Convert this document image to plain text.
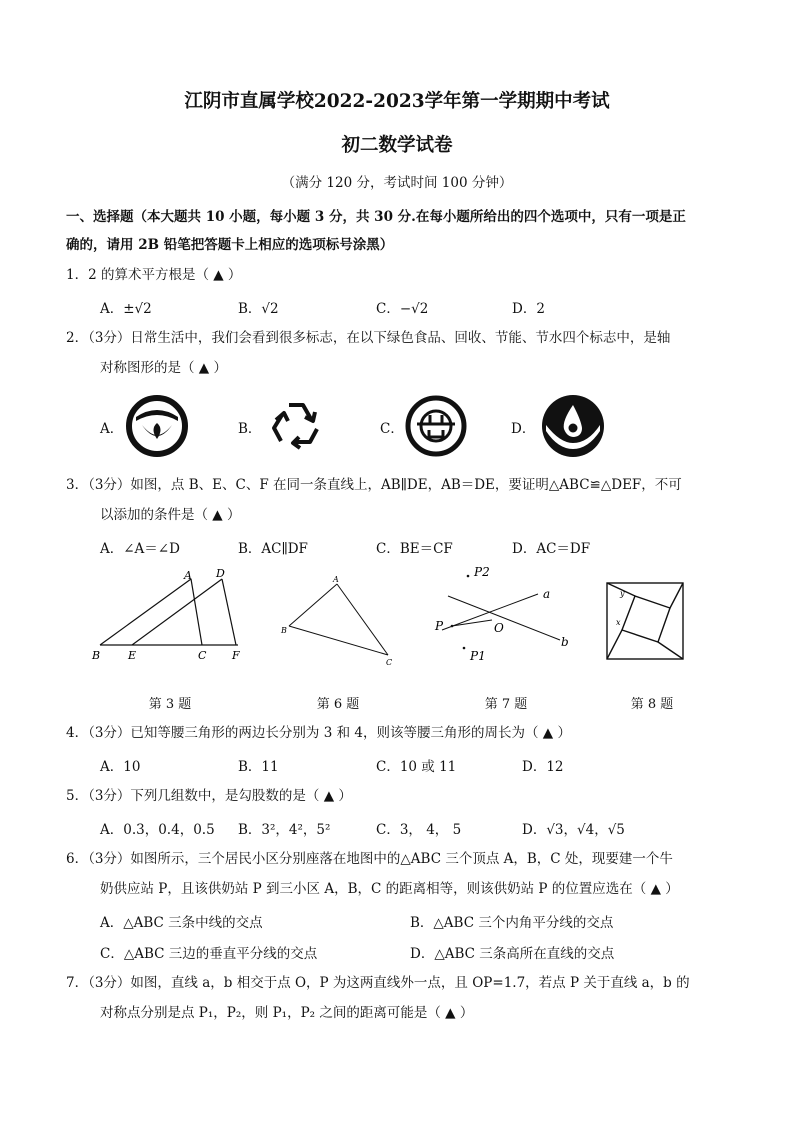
江阴市直属学校2022-2023学年第一学期期中考试
初二数学试卷
（满分 120 分，考试时间 100 分钟）
一、选择题（本大题共 10 小题，每小题 3 分，共 30 分.在每小题所给出的四个选项中，只有一项是正
确的，请用 2B 铅笔把答题卡上相应的选项标号涂黑）
1．2 的算术平方根是（ ▲ ）
A．±√2	B．√2	C．−√2	D．2
2．（3分）日常生活中，我们会看到很多标志，在以下绿色食品、回收、节能、节水四个标志中，是轴
对称图形的是（ ▲ ）
A．	B．	C．	D．
3．（3分）如图，点 B、E、C、F 在同一条直线上，AB∥DE，AB＝DE，要证明△ABC≌△DEF，不可
以添加的条件是（ ▲ ）
A．∠A＝∠D	B．AC∥DF	C．BE＝CF	D．AC＝DF
A D
B	E	C F
A
B
C
P2
a
P	O
b
P1
y
x
第 3 题	第 6 题	第 7 题	第 8 题
4．（3分）已知等腰三角形的两边长分别为 3 和 4，则该等腰三角形的周长为（ ▲ ）
A．10	B．11	C．10 或 11	D．12
5．（3分）下列几组数中，是勾股数的是（ ▲ ）
A．0.3，0.4，0.5 B．3²，4²，5²	C．3， 4， 5	D．√3，√4，√5
6．（3分）如图所示，三个居民小区分别座落在地图中的△ABC 三个顶点 A，B，C 处，现要建一个牛
奶供应站 P，且该供奶站 P 到三小区 A，B，C 的距离相等，则该供奶站 P 的位置应选在（ ▲ ）
A．△ABC 三条中线的交点	B．△ABC 三个内角平分线的交点
C．△ABC 三边的垂直平分线的交点	D．△ABC 三条高所在直线的交点
7．（3分）如图，直线 a，b 相交于点 O，P 为这两直线外一点，且 OP=1.7，若点 P 关于直线 a，b 的
对称点分别是点 P₁，P₂，则 P₁，P₂ 之间的距离可能是（ ▲ ）
